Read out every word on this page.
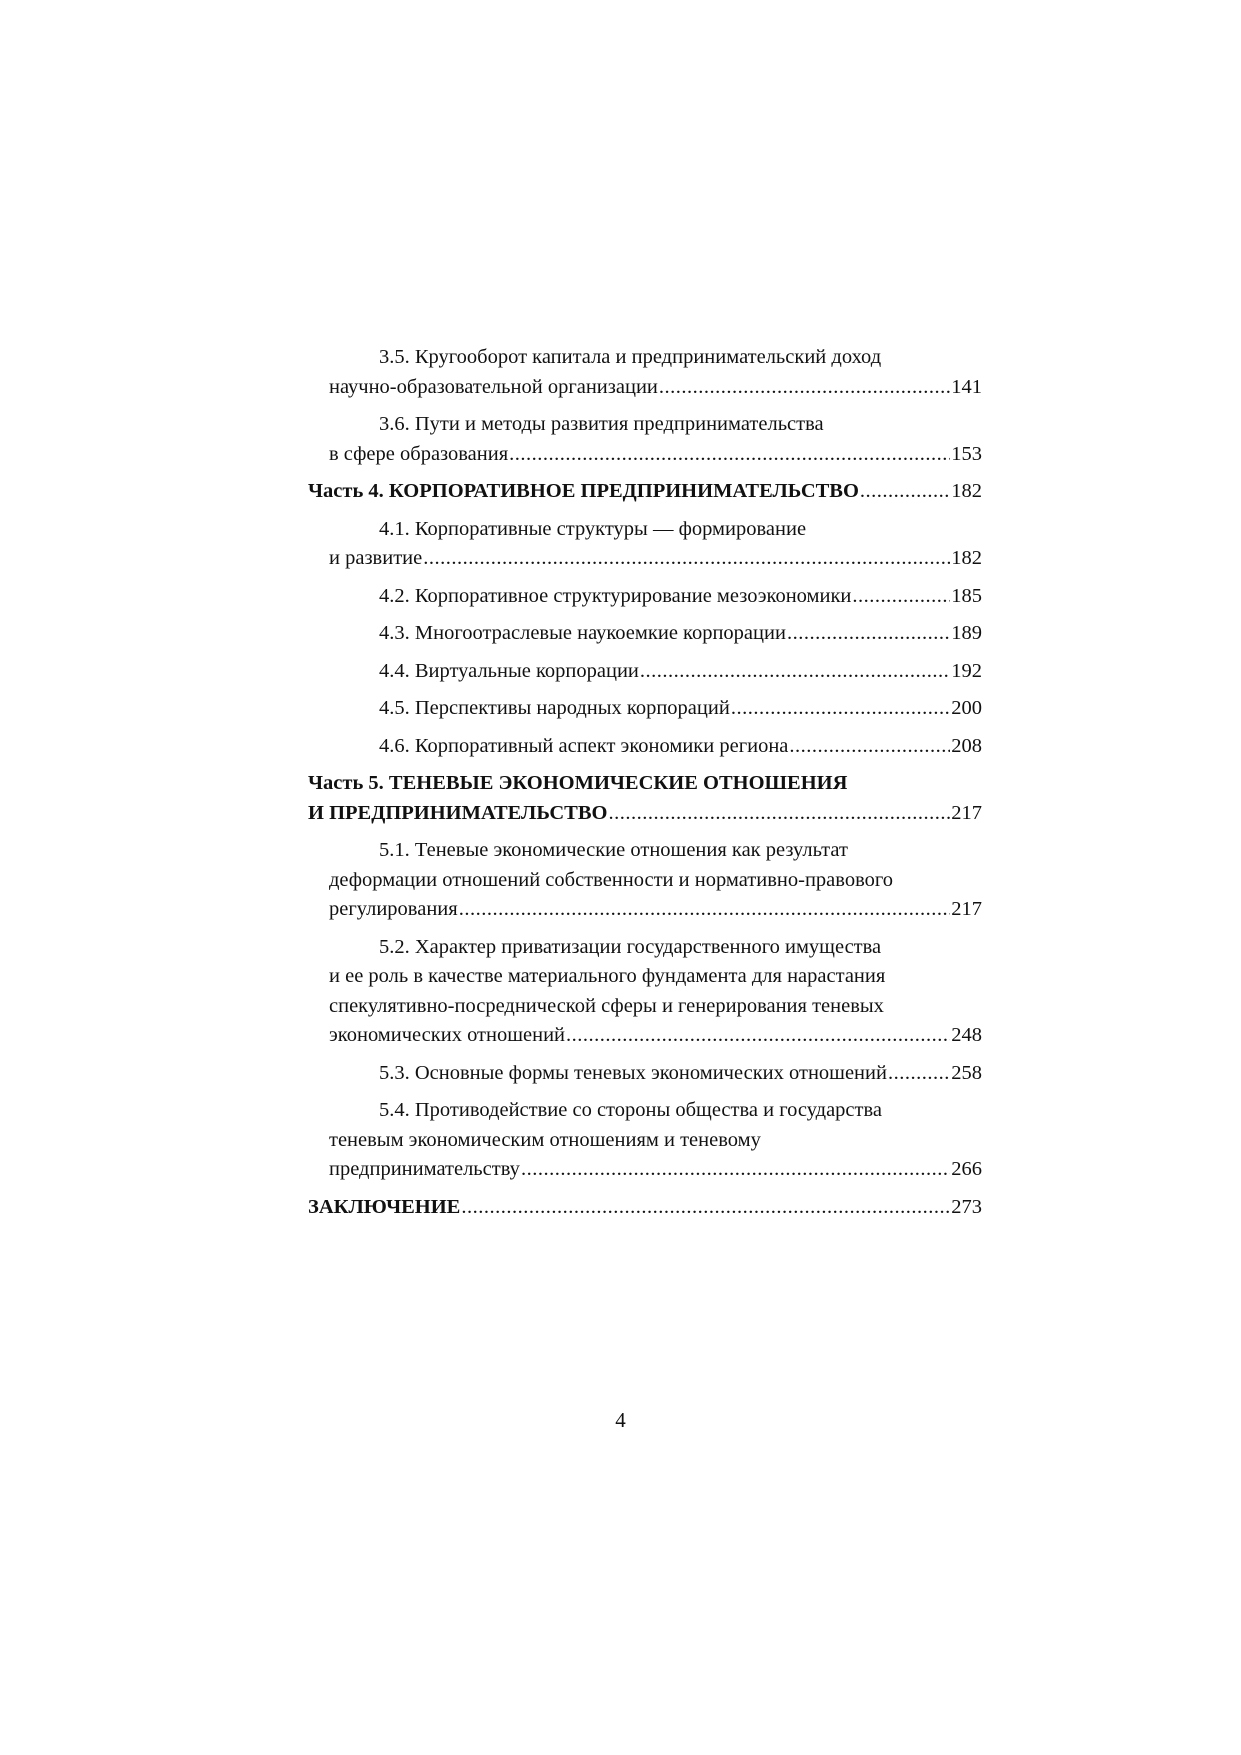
3.5. Кругооборот капитала и предпринимательский доход
научно-образовательной организации .....	141
3.6. Пути и методы развития предпринимательства
в сфере образования .....	153
Часть 4. КОРПОРАТИВНОЕ ПРЕДПРИНИМАТЕЛЬСТВО .....	182
4.1. Корпоративные структуры — формирование
и развитие .....	182
4.2. Корпоративное структурирование мезоэкономики .....	185
4.3. Многоотраслевые наукоемкие корпорации .....	189
4.4. Виртуальные корпорации .....	192
4.5. Перспективы народных корпораций .....	200
4.6. Корпоративный аспект экономики региона .....	208
Часть 5. ТЕНЕВЫЕ ЭКОНОМИЧЕСКИЕ ОТНОШЕНИЯ
И ПРЕДПРИНИМАТЕЛЬСТВО .....	217
5.1. Теневые экономические отношения как результат
деформации отношений собственности и нормативно-правового
регулирования .....	217
5.2. Характер приватизации государственного имущества
и ее роль в качестве материального фундамента для нарастания
спекулятивно-посреднической сферы и генерирования теневых
экономических отношений .....	248
5.3. Основные формы теневых экономических отношений .....	258
5.4. Противодействие со стороны общества и государства
теневым экономическим отношениям и теневому
предпринимательству .....	266
ЗАКЛЮЧЕНИЕ .....	273
4
